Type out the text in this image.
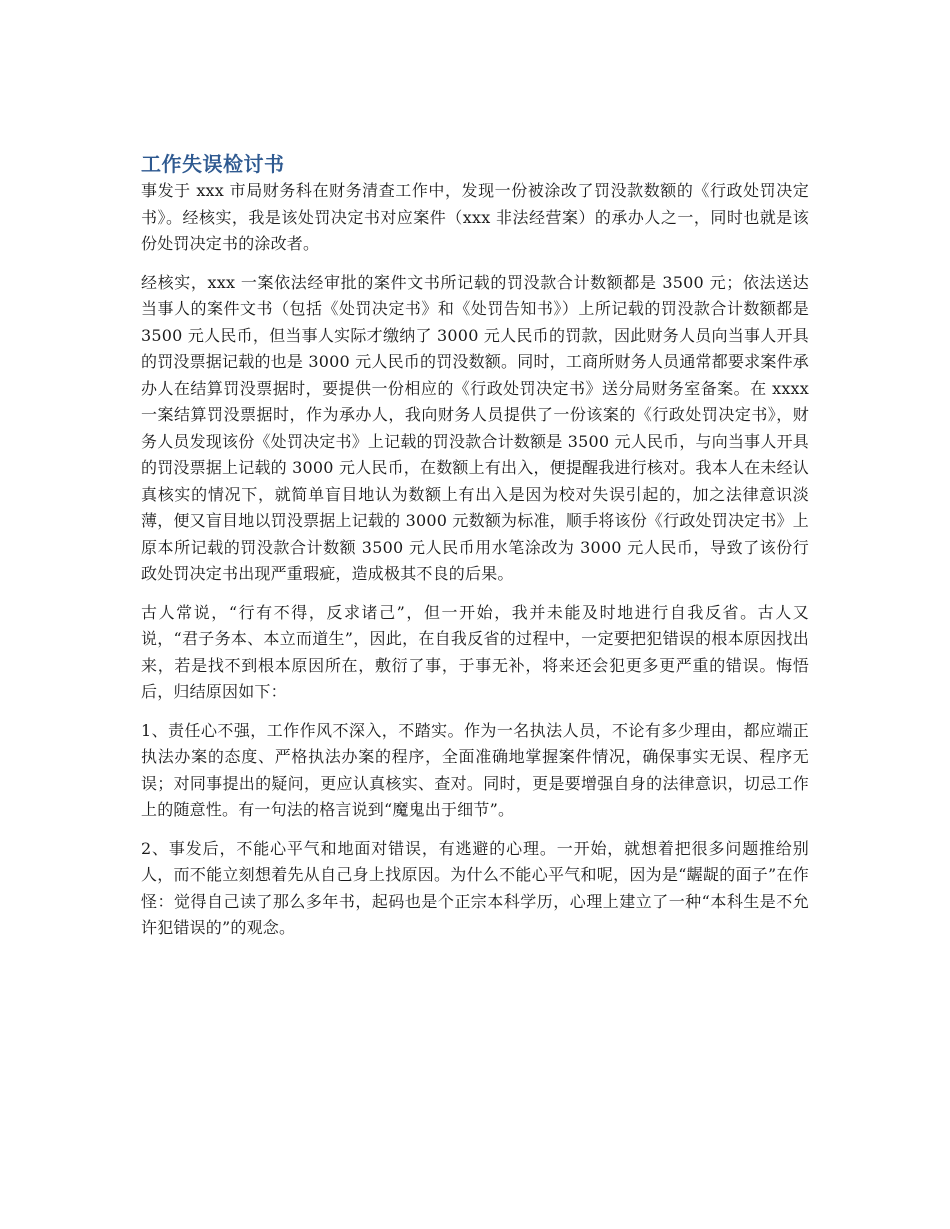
工作失误检讨书

事发于 xxx 市局财务科在财务清查工作中，发现一份被涂改了罚没款数额的《行政处罚决定书》。经核实，我是该处罚决定书对应案件（xxx 非法经营案）的承办人之一，同时也就是该份处罚决定书的涂改者。

经核实，xxx 一案依法经审批的案件文书所记载的罚没款合计数额都是 3500 元；依法送达当事人的案件文书（包括《处罚决定书》和《处罚告知书》）上所记载的罚没款合计数额都是 3500 元人民币，但当事人实际才缴纳了 3000 元人民币的罚款，因此财务人员向当事人开具的罚没票据记载的也是 3000 元人民币的罚没数额。同时，工商所财务人员通常都要求案件承办人在结算罚没票据时，要提供一份相应的《行政处罚决定书》送分局财务室备案。在 xxxx 一案结算罚没票据时，作为承办人，我向财务人员提供了一份该案的《行政处罚决定书》，财务人员发现该份《处罚决定书》上记载的罚没款合计数额是 3500 元人民币，与向当事人开具的罚没票据上记载的 3000 元人民币，在数额上有出入，便提醒我进行核对。我本人在未经认真核实的情况下，就简单盲目地认为数额上有出入是因为校对失误引起的，加之法律意识淡薄，便又盲目地以罚没票据上记载的 3000 元数额为标准，顺手将该份《行政处罚决定书》上原本所记载的罚没款合计数额 3500 元人民币用水笔涂改为 3000 元人民币，导致了该份行政处罚决定书出现严重瑕疵，造成极其不良的后果。

古人常说，“行有不得，反求诸己”，但一开始，我并未能及时地进行自我反省。古人又说，“君子务本、本立而道生”，因此，在自我反省的过程中，一定要把犯错误的根本原因找出来，若是找不到根本原因所在，敷衍了事，于事无补，将来还会犯更多更严重的错误。悔悟后，归结原因如下：

1、责任心不强，工作作风不深入，不踏实。作为一名执法人员，不论有多少理由，都应端正执法办案的态度、严格执法办案的程序，全面准确地掌握案件情况，确保事实无误、程序无误；对同事提出的疑问，更应认真核实、查对。同时，更是要增强自身的法律意识，切忌工作上的随意性。有一句法的格言说到“魔鬼出于细节”。

2、事发后，不能心平气和地面对错误，有逃避的心理。一开始，就想着把很多问题推给别人，而不能立刻想着先从自己身上找原因。为什么不能心平气和呢，因为是“龌龊的面子”在作怪：觉得自己读了那么多年书，起码也是个正宗本科学历，心理上建立了一种“本科生是不允许犯错误的”的观念。
